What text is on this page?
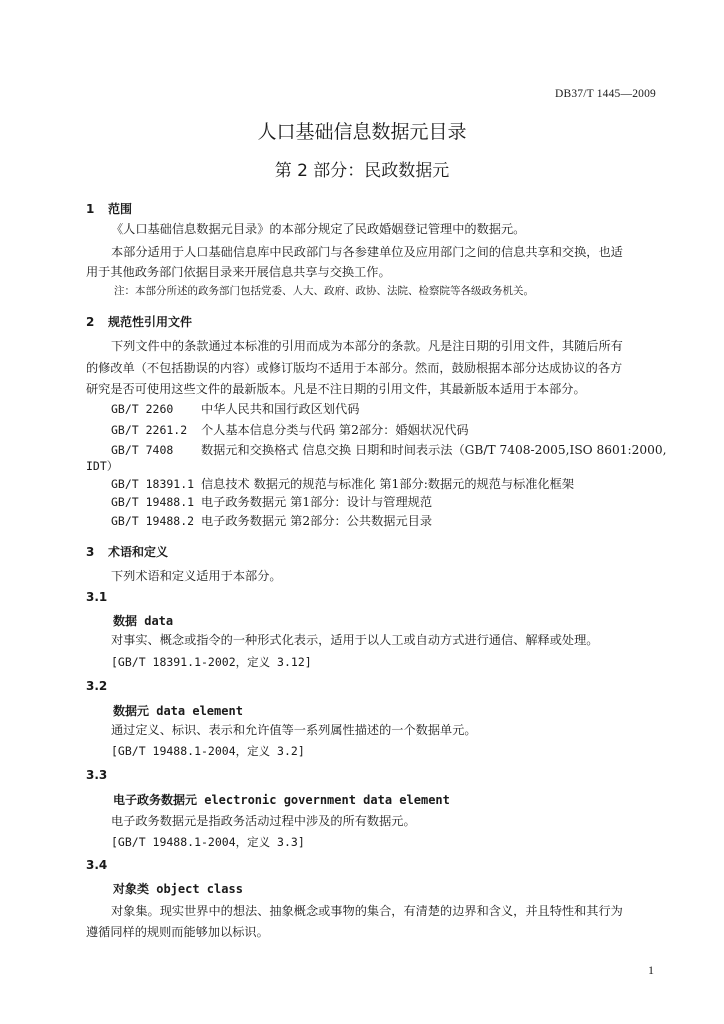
DB37/T 1445—2009
人口基础信息数据元目录
第 2 部分：民政数据元
1 范围
《人口基础信息数据元目录》的本部分规定了民政婚姻登记管理中的数据元。
本部分适用于人口基础信息库中民政部门与各参建单位及应用部门之间的信息共享和交换，也适
用于其他政务部门依据目录来开展信息共享与交换工作。
注：本部分所述的政务部门包括党委、人大、政府、政协、法院、检察院等各级政务机关。
2 规范性引用文件
下列文件中的条款通过本标准的引用而成为本部分的条款。凡是注日期的引用文件，其随后所有
的修改单（不包括勘误的内容）或修订版均不适用于本部分。然而，鼓励根据本部分达成协议的各方
研究是否可使用这些文件的最新版本。凡是不注日期的引用文件，其最新版本适用于本部分。
GB/T 2260 中华人民共和国行政区划代码
GB/T 2261.2 个人基本信息分类与代码 第2部分：婚姻状况代码
GB/T 7408 数据元和交换格式 信息交换 日期和时间表示法（GB/T 7408-2005,ISO 8601:2000,
IDT）
GB/T 18391.1 信息技术 数据元的规范与标准化 第1部分:数据元的规范与标准化框架
GB/T 19488.1 电子政务数据元 第1部分：设计与管理规范
GB/T 19488.2 电子政务数据元 第2部分：公共数据元目录
3 术语和定义
下列术语和定义适用于本部分。
3.1
数据 data
对事实、概念或指令的一种形式化表示，适用于以人工或自动方式进行通信、解释或处理。
[GB/T 18391.1-2002，定义 3.12]
3.2
数据元 data element
通过定义、标识、表示和允许值等一系列属性描述的一个数据单元。
[GB/T 19488.1-2004，定义 3.2]
3.3
电子政务数据元 electronic government data element
电子政务数据元是指政务活动过程中涉及的所有数据元。
[GB/T 19488.1-2004，定义 3.3]
3.4
对象类 object class
对象集。现实世界中的想法、抽象概念或事物的集合，有清楚的边界和含义，并且特性和其行为
遵循同样的规则而能够加以标识。
1
